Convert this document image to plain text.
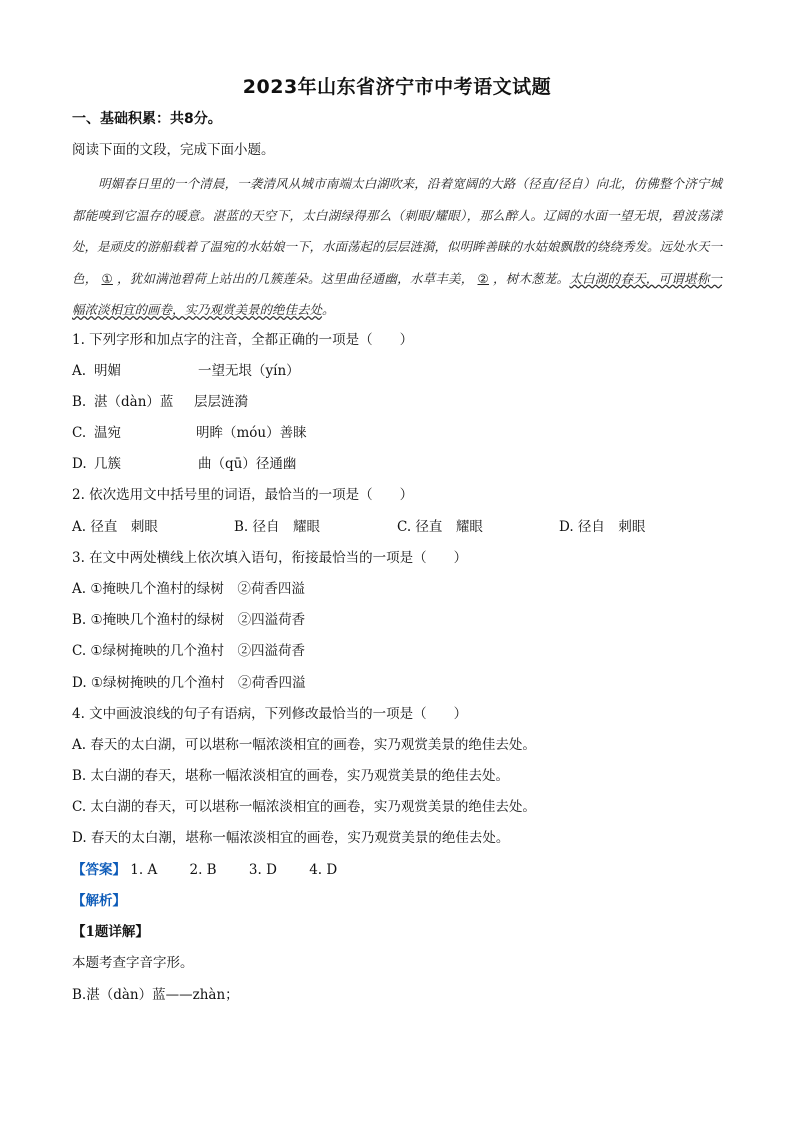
2023年山东省济宁市中考语文试题
一、基础积累：共8分。
阅读下面的文段，完成下面小题。
明媚春日里的一个清晨，一袭清风从城市南端太白湖吹来，沿着宽阔的大路（径直/径自）向北，仿佛整个济宁城都能嗅到它温存的暖意。湛蓝的天空下，太白湖绿得那么（刺眼/耀眼），那么醉人。辽阔的水面一望无垠，碧波荡漾处，是顽皮的游船载着了温宛的水姑娘一下，水面荡起的层层涟漪，似明眸善睐的水姑娘飘散的绕绕秀发。远处水天一色， ① ，犹如满池碧荷上站出的几簇莲朵。这里曲径通幽，水草丰美， ② ，树木葱茏。太白湖的春天，可谓堪称一幅浓淡相宜的画卷，实乃观赏美景的绝佳去处。
1. 下列字形和加点字的注音，全都正确的一项是（　　）
A. 明媚	一望无垠（yín）
B. 湛（dàn）蓝 层层涟漪
C. 温宛	明眸（móu）善睐
D. 几簇	曲（qū）径通幽
2. 依次选用文中括号里的词语，最恰当的一项是（　　）
A. 径直　刺眼	B. 径自　耀眼	C. 径直　耀眼	D. 径自　刺眼
3. 在文中两处横线上依次填入语句，衔接最恰当的一项是（　　）
A. ①掩映几个渔村的绿树　②荷香四溢
B. ①掩映几个渔村的绿树　②四溢荷香
C. ①绿树掩映的几个渔村　②四溢荷香
D. ①绿树掩映的几个渔村　②荷香四溢
4. 文中画波浪线的句子有语病，下列修改最恰当的一项是（　　）
A. 春天的太白湖，可以堪称一幅浓淡相宜的画卷，实乃观赏美景的绝佳去处。
B. 太白湖的春天，堪称一幅浓淡相宜的画卷，实乃观赏美景的绝佳去处。
C. 太白湖的春天，可以堪称一幅浓淡相宜的画卷，实乃观赏美景的绝佳去处。
D. 春天的太白潮，堪称一幅浓淡相宜的画卷，实乃观赏美景的绝佳去处。
【答案】 1. A 2. B 3. D 4. D
【解析】
【1题详解】
本题考查字音字形。
B.湛（dàn）蓝——zhàn；
